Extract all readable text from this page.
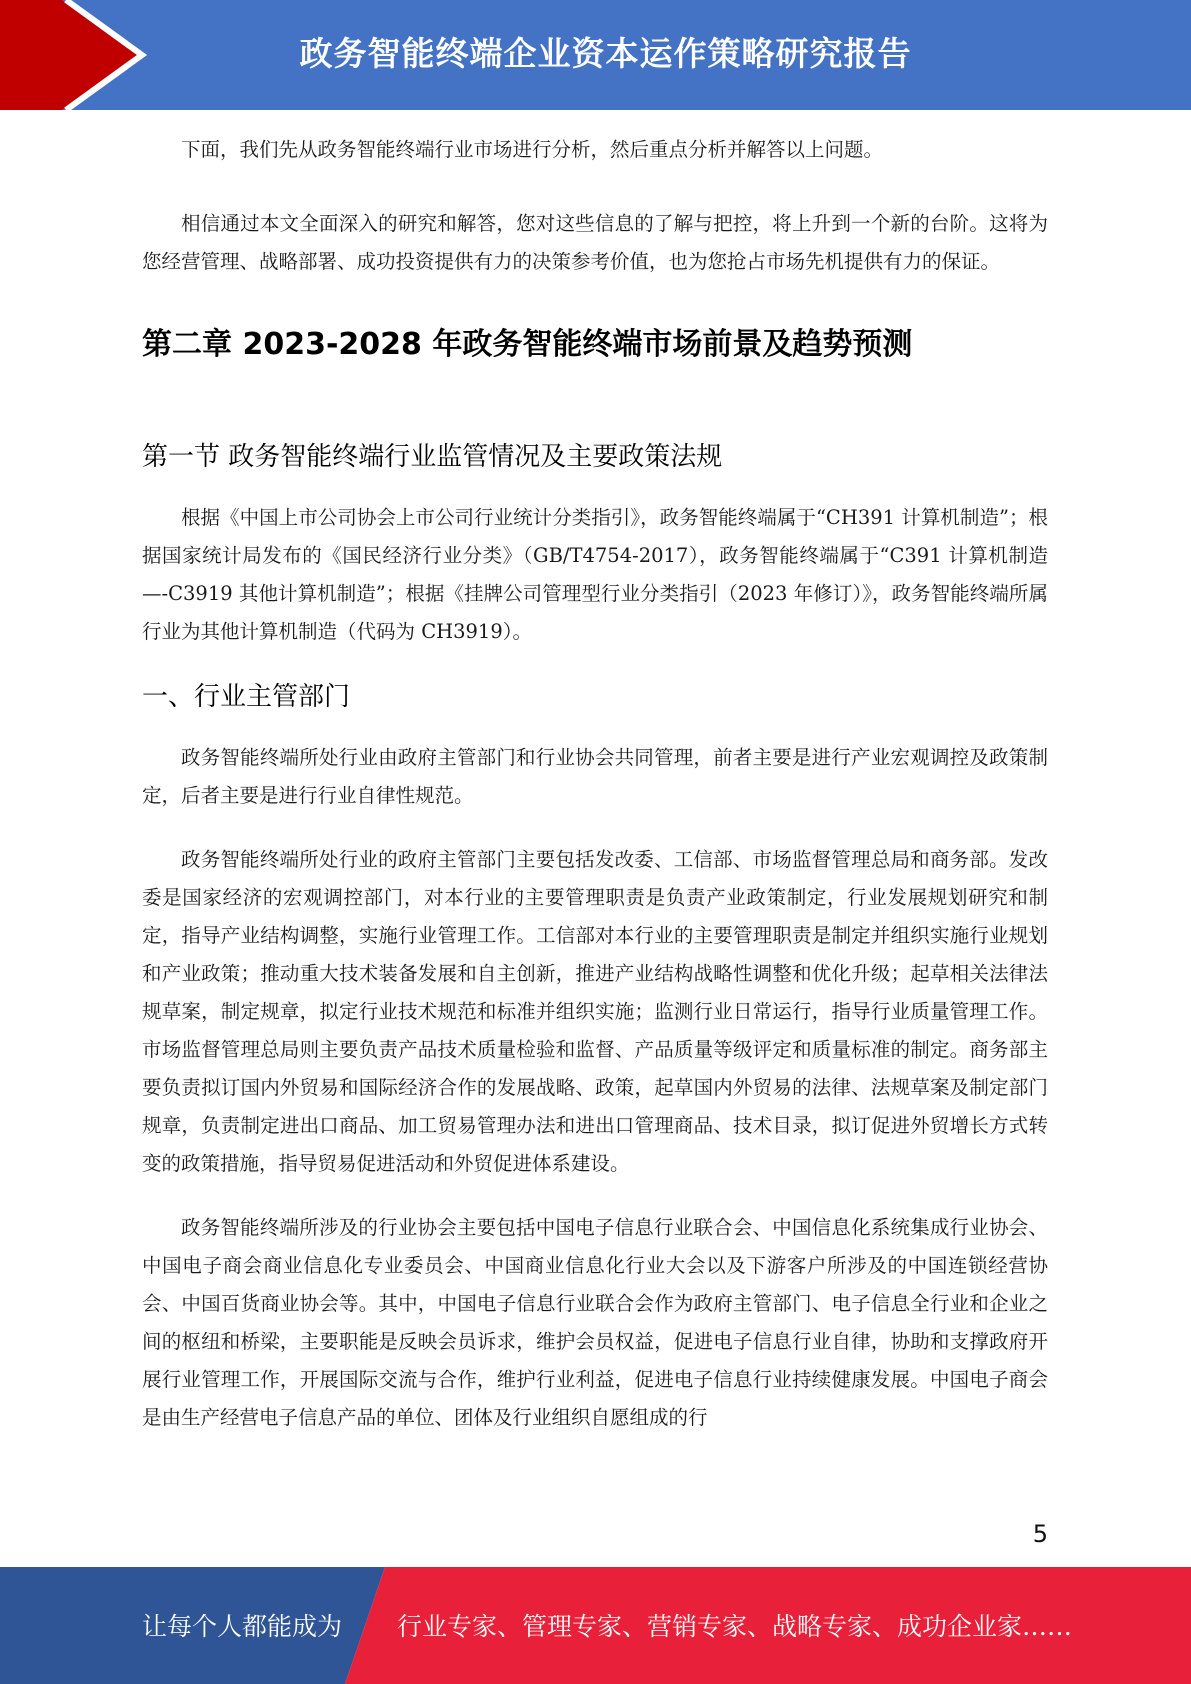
政务智能终端企业资本运作策略研究报告

下面，我们先从政务智能终端行业市场进行分析，然后重点分析并解答以上问题。

相信通过本文全面深入的研究和解答，您对这些信息的了解与把控，将上升到一个新的台阶。这将为您经营管理、战略部署、成功投资提供有力的决策参考价值，也为您抢占市场先机提供有力的保证。

第二章 2023-2028 年政务智能终端市场前景及趋势预测
第一节 政务智能终端行业监管情况及主要政策法规

根据《中国上市公司协会上市公司行业统计分类指引》，政务智能终端属于“CH391 计算机制造”；根据国家统计局发布的《国民经济行业分类》（GB/T4754-2017），政务智能终端属于“C391 计算机制造—-C3919 其他计算机制造”；根据《挂牌公司管理型行业分类指引（2023 年修订）》，政务智能终端所属行业为其他计算机制造（代码为 CH3919）。

一、行业主管部门

政务智能终端所处行业由政府主管部门和行业协会共同管理，前者主要是进行产业宏观调控及政策制定，后者主要是进行行业自律性规范。

政务智能终端所处行业的政府主管部门主要包括发改委、工信部、市场监督管理总局和商务部。发改委是国家经济的宏观调控部门，对本行业的主要管理职责是负责产业政策制定，行业发展规划研究和制定，指导产业结构调整，实施行业管理工作。工信部对本行业的主要管理职责是制定并组织实施行业规划和产业政策；推动重大技术装备发展和自主创新，推进产业结构战略性调整和优化升级；起草相关法律法规草案，制定规章，拟定行业技术规范和标准并组织实施；监测行业日常运行，指导行业质量管理工作。市场监督管理总局则主要负责产品技术质量检验和监督、产品质量等级评定和质量标准的制定。商务部主要负责拟订国内外贸易和国际经济合作的发展战略、政策，起草国内外贸易的法律、法规草案及制定部门规章，负责制定进出口商品、加工贸易管理办法和进出口管理商品、技术目录，拟订促进外贸增长方式转变的政策措施，指导贸易促进活动和外贸促进体系建设。

政务智能终端所涉及的行业协会主要包括中国电子信息行业联合会、中国信息化系统集成行业协会、中国电子商会商业信息化专业委员会、中国商业信息化行业大会以及下游客户所涉及的中国连锁经营协会、中国百货商业协会等。其中，中国电子信息行业联合会作为政府主管部门、电子信息全行业和企业之间的枢纽和桥梁，主要职能是反映会员诉求，维护会员权益，促进电子信息行业自律，协助和支撑政府开展行业管理工作，开展国际交流与合作，维护行业利益，促进电子信息行业持续健康发展。中国电子商会是由生产经营电子信息产品的单位、团体及行业组织自愿组成的行

5
让每个人都能成为 行业专家、管理专家、营销专家、战略专家、成功企业家……
